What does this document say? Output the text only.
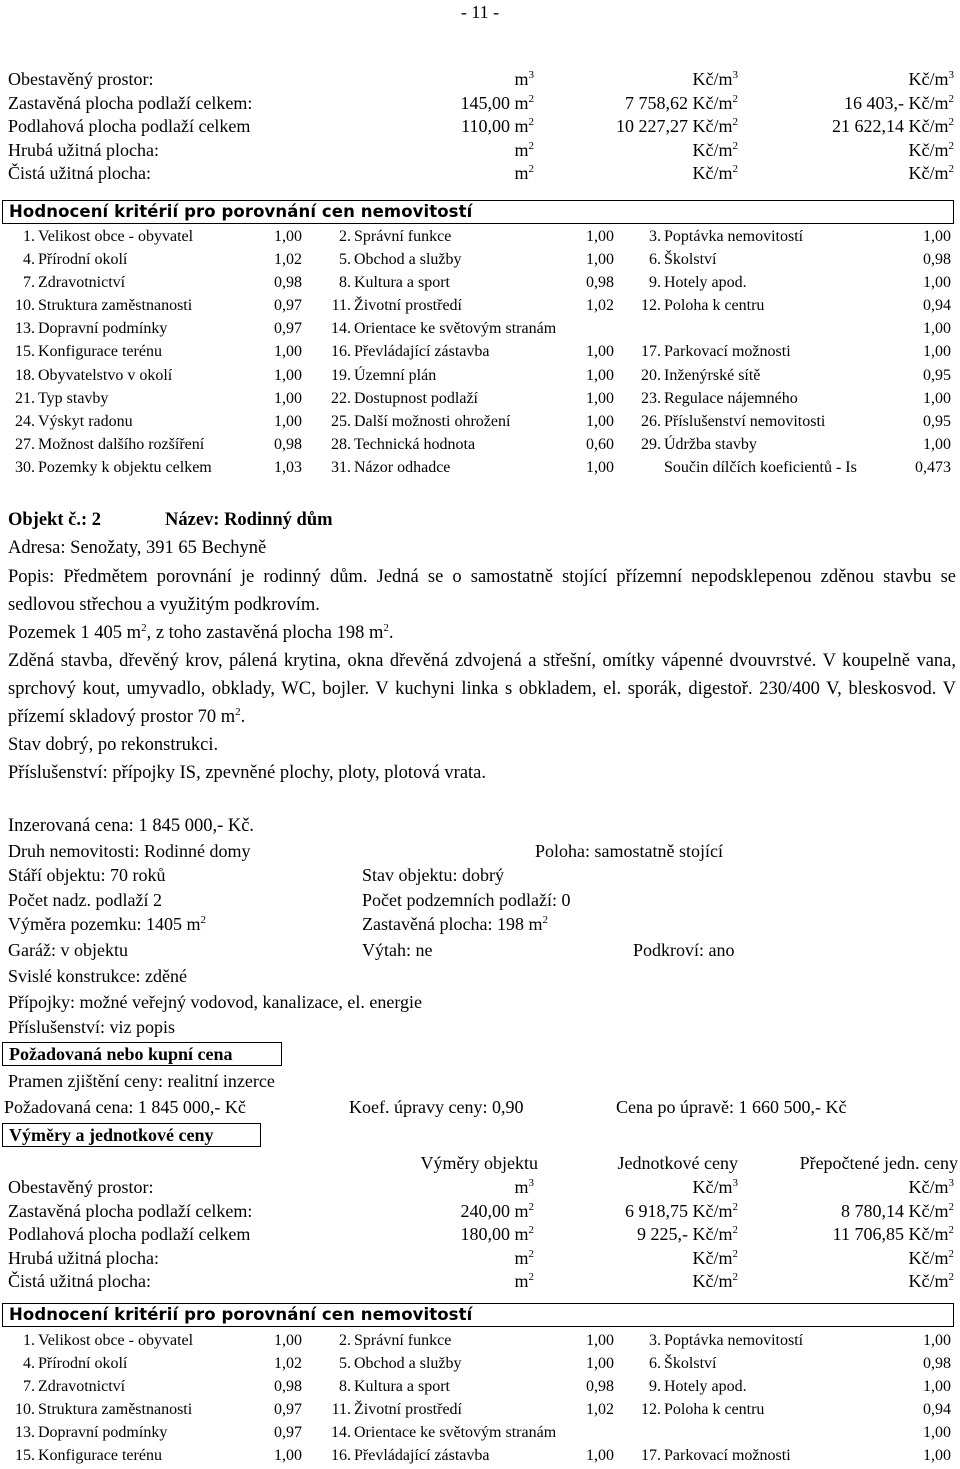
- 11 -
Obestavěný prostor:	$m^3$	$Kč/m^3$	$Kč/m^3$
Zastavěná plocha podlaží celkem:	145,00 $m^2$	7 758,62 $Kč/m^2$	16 403,- $Kč/m^2$
Podlahová plocha podlaží celkem	110,00 $m^2$	10 227,27 $Kč/m^2$	21 622,14 $Kč/m^2$
Hrubá užitná plocha:	$m^2$	$Kč/m^2$	$Kč/m^2$
Čistá užitná plocha:	$m^2$	$Kč/m^2$	$Kč/m^2$
Hodnocení kritérií pro porovnání cen nemovitostí
1. Velikost obce - obyvatel	1,00	2. Správní funkce	1,00	3. Poptávka nemovitostí	1,00
4. Přírodní okolí	1,02	5. Obchod a služby	1,00	6. Školství	0,98
7. Zdravotnictví	0,98	8. Kultura a sport	0,98	9. Hotely apod.	1,00
10. Struktura zaměstnanosti	0,97	11. Životní prostředí	1,02	12. Poloha k centru	0,94
13. Dopravní podmínky	0,97	14. Orientace ke světovým stranám	1,00
15. Konfigurace terénu	1,00	16. Převládající zástavba	1,00	17. Parkovací možnosti	1,00
18. Obyvatelstvo v okolí	1,00	19. Územní plán	1,00	20. Inženýrské sítě	0,95
21. Typ stavby	1,00	22. Dostupnost podlaží	1,00	23. Regulace nájemného	1,00
24. Výskyt radonu	1,00	25. Další možnosti ohrožení	1,00	26. Příslušenství nemovitosti	0,95
27. Možnost dalšího rozšíření	0,98	28. Technická hodnota	0,60	29. Údržba stavby	1,00
30. Pozemky k objektu celkem	1,03	31. Názor odhadce	1,00	Součin dílčích koeficientů - Is	0,473
Objekt č.: 2	Název: Rodinný dům
Adresa: Senožaty, 391 65 Bechyně

Popis: Předmětem porovnání je rodinný dům. Jedná se o samostatně stojící přízemní nepodsklepenou zděnou stavbu se sedlovou střechou a využitým podkrovím.

Pozemek 1 405 $m^2$, z toho zastavěná plocha 198 $m^2$.

Zděná stavba, dřevěný krov, pálená krytina, okna dřevěná zdvojená a střešní, omítky vápenné dvouvrstvé. V koupelně vana, sprchový kout, umyvadlo, obklady, WC, bojler. V kuchyni linka s obkladem, el. sporák, digestoř. 230/400 V, bleskosvod. V přízemí skladový prostor 70 $m^2$.

Stav dobrý, po rekonstrukci.

Příslušenství: přípojky IS, zpevněné plochy, ploty, plotová vrata.

Inzerovaná cena: 1 845 000,- Kč.
Druh nemovitosti: Rodinné domy	Poloha: samostatně stojící
Stáří objektu: 70 roků	Stav objektu: dobrý
Počet nadz. podlaží 2	Počet podzemních podlaží: 0
Výměra pozemku: 1405 $m^2$	Zastavěná plocha: 198 $m^2$
Garáž: v objektu	Výtah: ne	Podkroví: ano
Svislé konstrukce: zděné
Přípojky: možné veřejný vodovod, kanalizace, el. energie
Příslušenství: viz popis
Požadovaná nebo kupní cena
Pramen zjištění ceny: realitní inzerce
Požadovaná cena: 1 845 000,- Kč	Koef. úpravy ceny: 0,90	Cena po úpravě: 1 660 500,- Kč
Výměry a jednotkové ceny
Výměry objektu	Jednotkové ceny	Přepočtené jedn. ceny
Obestavěný prostor:	$m^3$	$Kč/m^3$	$Kč/m^3$
Zastavěná plocha podlaží celkem:	240,00 $m^2$	6 918,75 $Kč/m^2$	8 780,14 $Kč/m^2$
Podlahová plocha podlaží celkem	180,00 $m^2$	9 225,- $Kč/m^2$	11 706,85 $Kč/m^2$
Hrubá užitná plocha:	$m^2$	$Kč/m^2$	$Kč/m^2$
Čistá užitná plocha:	$m^2$	$Kč/m^2$	$Kč/m^2$
Hodnocení kritérií pro porovnání cen nemovitostí
1. Velikost obce - obyvatel	1,00	2. Správní funkce	1,00	3. Poptávka nemovitostí	1,00
4. Přírodní okolí	1,02	5. Obchod a služby	1,00	6. Školství	0,98
7. Zdravotnictví	0,98	8. Kultura a sport	0,98	9. Hotely apod.	1,00
10. Struktura zaměstnanosti	0,97	11. Životní prostředí	1,02	12. Poloha k centru	0,94
13. Dopravní podmínky	0,97	14. Orientace ke světovým stranám	1,00
15. Konfigurace terénu	1,00	16. Převládající zástavba	1,00	17. Parkovací možnosti	1,00
